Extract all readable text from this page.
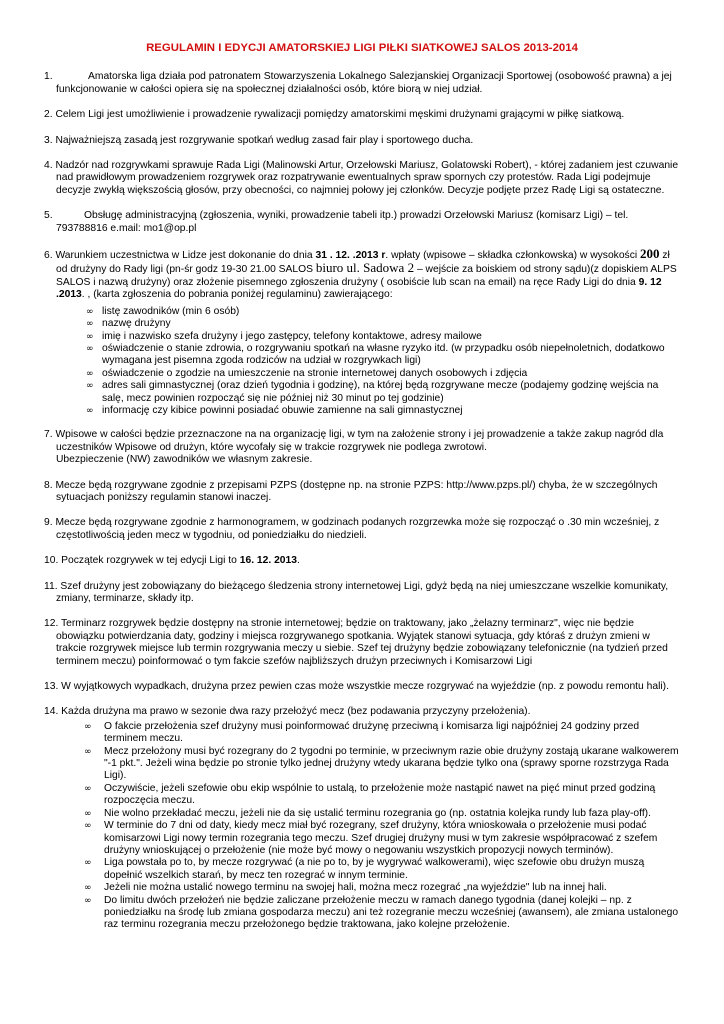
REGULAMIN I EDYCJI AMATORSKIEJ LIGI PIŁKI SIATKOWEJ SALOS 2013-2014
1.	Amatorska liga działa pod patronatem Stowarzyszenia Lokalnego Salezjanskiej Organizacji Sportowej (osobowość prawna) a jej funkcjonowanie w całości opiera się na społecznej działalności osób, które biorą w niej udział.
2. Celem Ligi jest umożliwienie i prowadzenie rywalizacji pomiędzy amatorskimi męskimi drużynami grającymi w piłkę siatkową.
3. Najważniejszą zasadą jest rozgrywanie spotkań według zasad fair play i sportowego ducha.
4. Nadzór nad rozgrywkami sprawuje Rada Ligi (Malinowski Artur, Orzełowski Mariusz, Golatowski Robert), - której zadaniem jest czuwanie nad prawidłowym prowadzeniem rozgrywek oraz rozpatrywanie ewentualnych spraw spornych czy protestów. Rada Ligi podejmuje decyzje zwykłą większością głosów, przy obecności, co najmniej połowy jej członków. Decyzje podjęte przez Radę Ligi są ostateczne.
5.	Obsługę administracyjną (zgłoszenia, wyniki, prowadzenie tabeli itp.) prowadzi Orzełowski Mariusz (komisarz Ligi) – tel. 793788816 e.mail: mo1@op.pl
6. Warunkiem uczestnictwa w Lidze jest dokonanie do dnia 31 . 12. .2013 r. wpłaty (wpisowe – składka członkowska) w wysokości 200 zł od drużyny do Rady ligi (pn-śr godz 19-30 21.00 SALOS biuro ul. Sadowa 2 – wejście za boiskiem od strony sądu)(z dopiskiem ALPS SALOS i nazwą drużyny) oraz złożenie pisemnego zgłoszenia drużyny ( osobiście lub scan na email) na ręce Rady Ligi do dnia 9. 12 .2013. , (karta zgłoszenia do pobrania poniżej regulaminu) zawierającego:
∞ listę zawodników (min 6 osób)
∞ nazwę drużyny
∞ imię i nazwisko szefa drużyny i jego zastępcy, telefony kontaktowe, adresy mailowe
∞ oświadczenie o stanie zdrowia, o rozgrywaniu spotkań na własne ryzyko itd. (w przypadku osób niepełnoletnich, dodatkowo wymagana jest pisemna zgoda rodziców na udział w rozgrywkach ligi)
∞ oświadczenie o zgodzie na umieszczenie na stronie internetowej danych osobowych i zdjęcia
∞ adres sali gimnastycznej (oraz dzień tygodnia i godzinę), na której będą rozgrywane mecze (podajemy godzinę wejścia na salę, mecz powinien rozpocząć się nie później niż 30 minut po tej godzinie)
∞ informację czy kibice powinni posiadać obuwie zamienne na sali gimnastycznej
7. Wpisowe w całości będzie przeznaczone na na organizację ligi, w tym na założenie strony i jej prowadzenie a także zakup nagród dla uczestników Wpisowe od drużyn, które wycofały się w trakcie rozgrywek nie podlega zwrotowi.
Ubezpieczenie (NW) zawodników we własnym zakresie.
8. Mecze będą rozgrywane zgodnie z przepisami PZPS (dostępne np. na stronie PZPS: http://www.pzps.pl/) chyba, że w szczególnych sytuacjach poniższy regulamin stanowi inaczej.
9. Mecze będą rozgrywane zgodnie z harmonogramem, w godzinach podanych rozgrzewka może się rozpocząć o .30 min wcześniej, z częstotliwością jeden mecz w tygodniu, od poniedziałku do niedzieli.
10. Początek rozgrywek w tej edycji Ligi to 16. 12. 2013.
11. Szef drużyny jest zobowiązany do bieżącego śledzenia strony internetowej Ligi, gdyż będą na niej umieszczane wszelkie komunikaty, zmiany, terminarze, składy itp.
12. Terminarz rozgrywek będzie dostępny na stronie internetowej; będzie on traktowany, jako „żelazny terminarz", więc nie będzie obowiązku potwierdzania daty, godziny i miejsca rozgrywanego spotkania. Wyjątek stanowi sytuacja, gdy któraś z drużyn zmieni w trakcie rozgrywek miejsce lub termin rozgrywania meczy u siebie. Szef tej drużyny będzie zobowiązany telefonicznie (na tydzień przed terminem meczu) poinformować o tym fakcie szefów najbliższych drużyn przeciwnych i Komisarzowi Ligi
13. W wyjątkowych wypadkach, drużyna przez pewien czas może wszystkie mecze rozgrywać na wyjeździe (np. z powodu remontu hali).
14. Każda drużyna ma prawo w sezonie dwa razy przełożyć mecz (bez podawania przyczyny przełożenia).
∞ O fakcie przełożenia szef drużyny musi poinformować drużynę przeciwną i komisarza ligi najpóźniej 24 godziny przed terminem meczu.
∞ Mecz przełożony musi być rozegrany do 2 tygodni po terminie, w przeciwnym razie obie drużyny zostają ukarane walkowerem "-1 pkt.". Jeżeli wina będzie po stronie tylko jednej drużyny wtedy ukarana będzie tylko ona (sprawy sporne rozstrzyga Rada Ligi).
∞ Oczywiście, jeżeli szefowie obu ekip wspólnie to ustalą, to przełożenie może nastąpić nawet na pięć minut przed godziną rozpoczęcia meczu.
∞ Nie wolno przekładać meczu, jeżeli nie da się ustalić terminu rozegrania go (np. ostatnia kolejka rundy lub faza play-off).
∞ W terminie do 7 dni od daty, kiedy mecz miał być rozegrany, szef drużyny, która wnioskowała o przełożenie musi podać komisarzowi Ligi nowy termin rozegrania tego meczu. Szef drugiej drużyny musi w tym zakresie współpracować z szefem drużyny wnioskującej o przełożenie (nie może być mowy o negowaniu wszystkich propozycji nowych terminów).
∞ Liga powstała po to, by mecze rozgrywać (a nie po to, by je wygrywać walkowerami), więc szefowie obu drużyn muszą dopełnić wszelkich starań, by mecz ten rozegrać w innym terminie.
∞ Jeżeli nie można ustalić nowego terminu na swojej hali, można mecz rozegrać „na wyjeździe" lub na innej hali.
∞ Do limitu dwóch przełożeń nie będzie zaliczane przełożenie meczu w ramach danego tygodnia (danej kolejki – np. z poniedziałku na środę lub zmiana gospodarza meczu) ani też rozegranie meczu wcześniej (awansem), ale zmiana ustalonego raz terminu rozegrania meczu przełożonego będzie traktowana, jako kolejne przełożenie.
